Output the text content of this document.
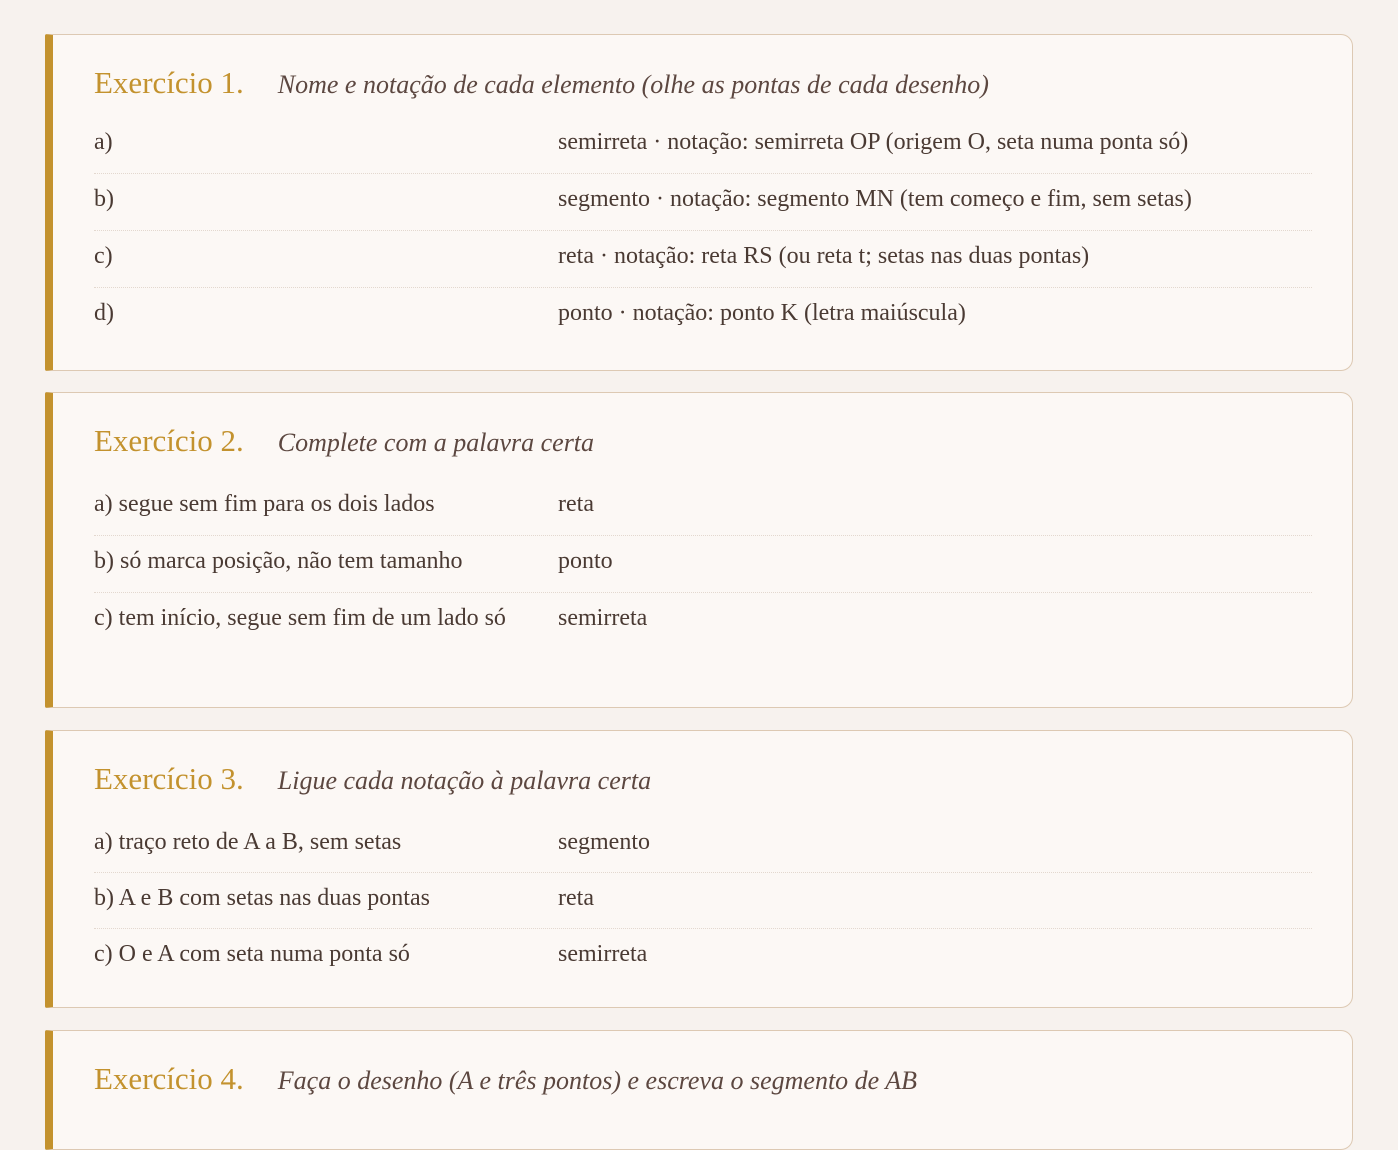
Exercício 1. Nome e notação de cada elemento (olhe as pontas de cada desenho)
a)	semirreta · notação: semirreta OP (origem O, seta numa ponta só)
b)	segmento · notação: segmento MN (tem começo e fim, sem setas)
c)	reta · notação: reta RS (ou reta t; setas nas duas pontas)
d)	ponto · notação: ponto K (letra maiúscula)
Exercício 2. Complete com a palavra certa
a) segue sem fim para os dois lados	reta
b) só marca posição, não tem tamanho	ponto
c) tem início, segue sem fim de um lado só	semirreta
Exercício 3. Ligue cada notação à palavra certa
a) traço reto de A a B, sem setas	segmento
b) A e B com setas nas duas pontas	reta
c) O e A com seta numa ponta só	semirreta
Exercício 4. Faça o desenho (A e três pontos) e escreva o segmento de AB
